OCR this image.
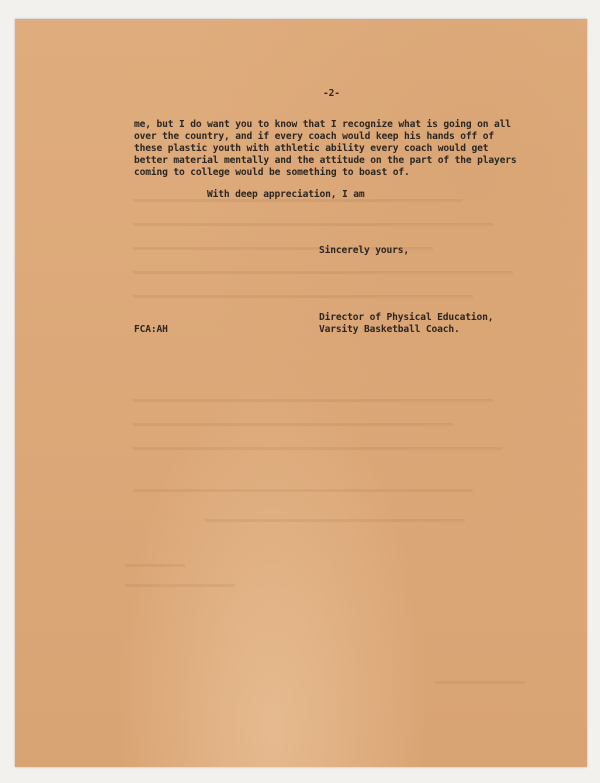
-2-

me, but I do want you to know that I recognize what is going on all

over the country, and if every coach would keep his hands off of

these plastic youth with athletic ability every coach would get

better material mentally and the attitude on the part of the players

coming to college would be something to boast of.

With deep appreciation, I am

Sincerely yours,

Director of Physical Education,

Varsity Basketball Coach.

FCA:AH
